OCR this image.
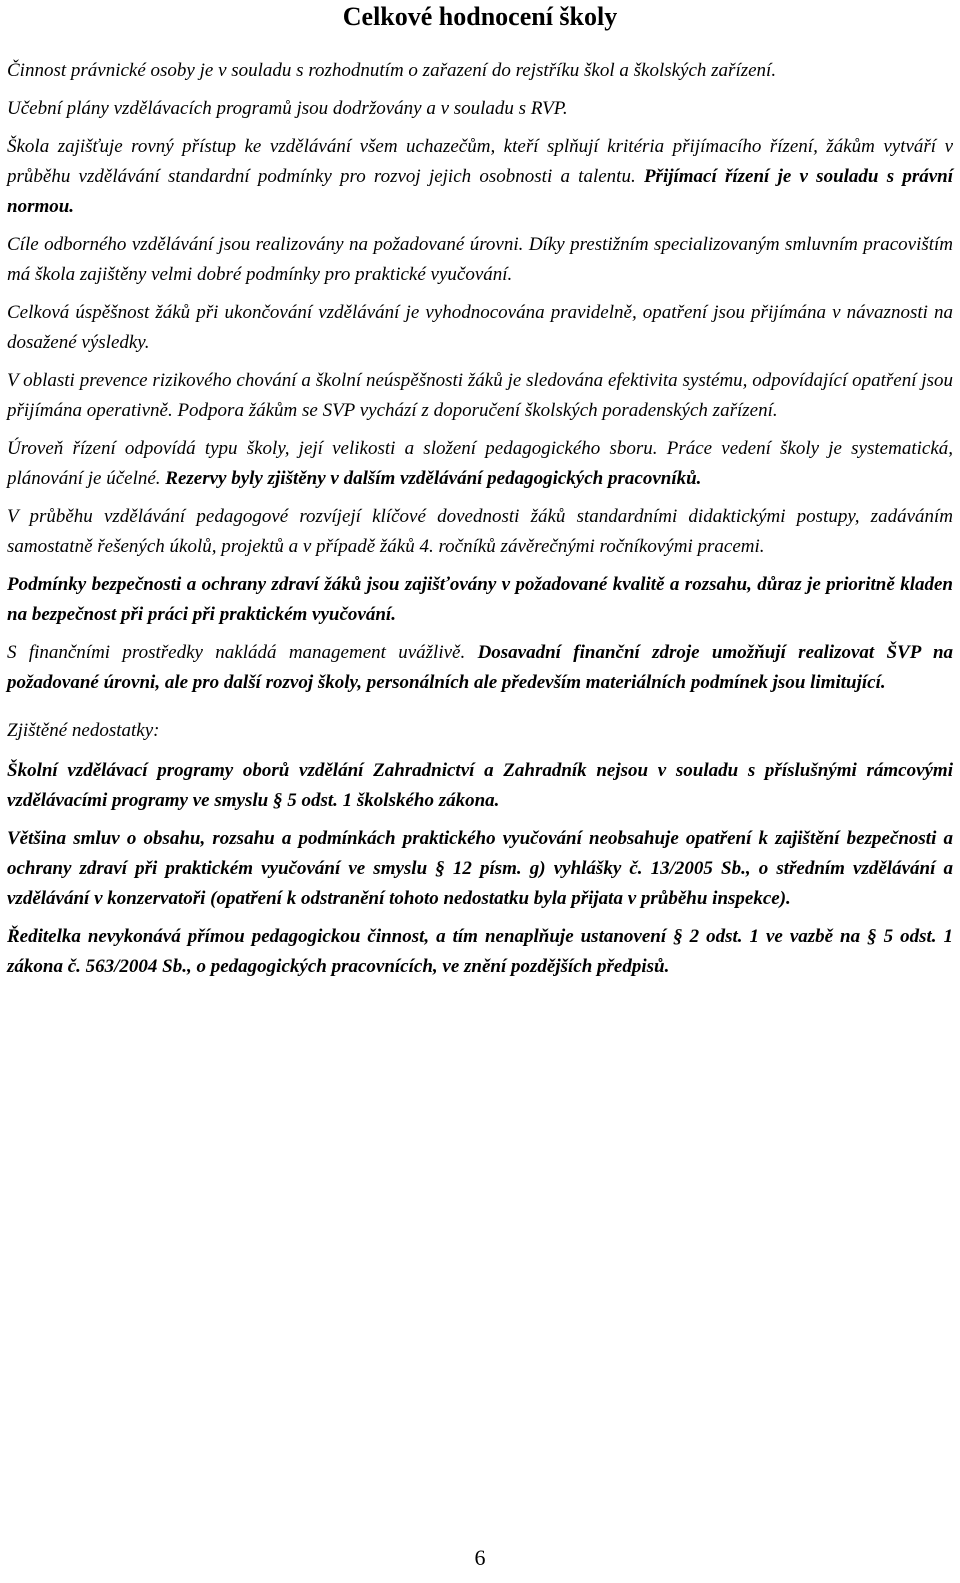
Celkové hodnocení školy

Činnost právnické osoby je v souladu s rozhodnutím o zařazení do rejstříku škol a školských zařízení.

Učební plány vzdělávacích programů jsou dodržovány a v souladu s RVP.

Škola zajišťuje rovný přístup ke vzdělávání všem uchazečům, kteří splňují kritéria přijímacího řízení, žákům vytváří v průběhu vzdělávání standardní podmínky pro rozvoj jejich osobnosti a talentu. Přijímací řízení je v souladu s právní normou.

Cíle odborného vzdělávání jsou realizovány na požadované úrovni. Díky prestižním specializovaným smluvním pracovištím má škola zajištěny velmi dobré podmínky pro praktické vyučování.

Celková úspěšnost žáků při ukončování vzdělávání je vyhodnocována pravidelně, opatření jsou přijímána v návaznosti na dosažené výsledky.

V oblasti prevence rizikového chování a školní neúspěšnosti žáků je sledována efektivita systému, odpovídající opatření jsou přijímána operativně. Podpora žákům se SVP vychází z doporučení školských poradenských zařízení.

Úroveň řízení odpovídá typu školy, její velikosti a složení pedagogického sboru. Práce vedení školy je systematická, plánování je účelné. Rezervy byly zjištěny v dalším vzdělávání pedagogických pracovníků.

V průběhu vzdělávání pedagogové rozvíjejí klíčové dovednosti žáků standardními didaktickými postupy, zadáváním samostatně řešených úkolů, projektů a v případě žáků 4. ročníků závěrečnými ročníkovými pracemi.

Podmínky bezpečnosti a ochrany zdraví žáků jsou zajišťovány v požadované kvalitě a rozsahu, důraz je prioritně kladen na bezpečnost při práci při praktickém vyučování.

S finančními prostředky nakládá management uvážlivě. Dosavadní finanční zdroje umožňují realizovat ŠVP na požadované úrovni, ale pro další rozvoj školy, personálních ale především materiálních podmínek jsou limitující.

Zjištěné nedostatky:

Školní vzdělávací programy oborů vzdělání Zahradnictví a Zahradník nejsou v souladu s příslušnými rámcovými vzdělávacími programy ve smyslu § 5 odst. 1 školského zákona.

Většina smluv o obsahu, rozsahu a podmínkách praktického vyučování neobsahuje opatření k zajištění bezpečnosti a ochrany zdraví při praktickém vyučování ve smyslu § 12 písm. g) vyhlášky č. 13/2005 Sb., o středním vzdělávání a vzdělávání v konzervatoři (opatření k odstranění tohoto nedostatku byla přijata v průběhu inspekce).

Ředitelka nevykonává přímou pedagogickou činnost, a tím nenaplňuje ustanovení § 2 odst. 1 ve vazbě na § 5 odst. 1 zákona č. 563/2004 Sb., o pedagogických pracovnících, ve znění pozdějších předpisů.

6
